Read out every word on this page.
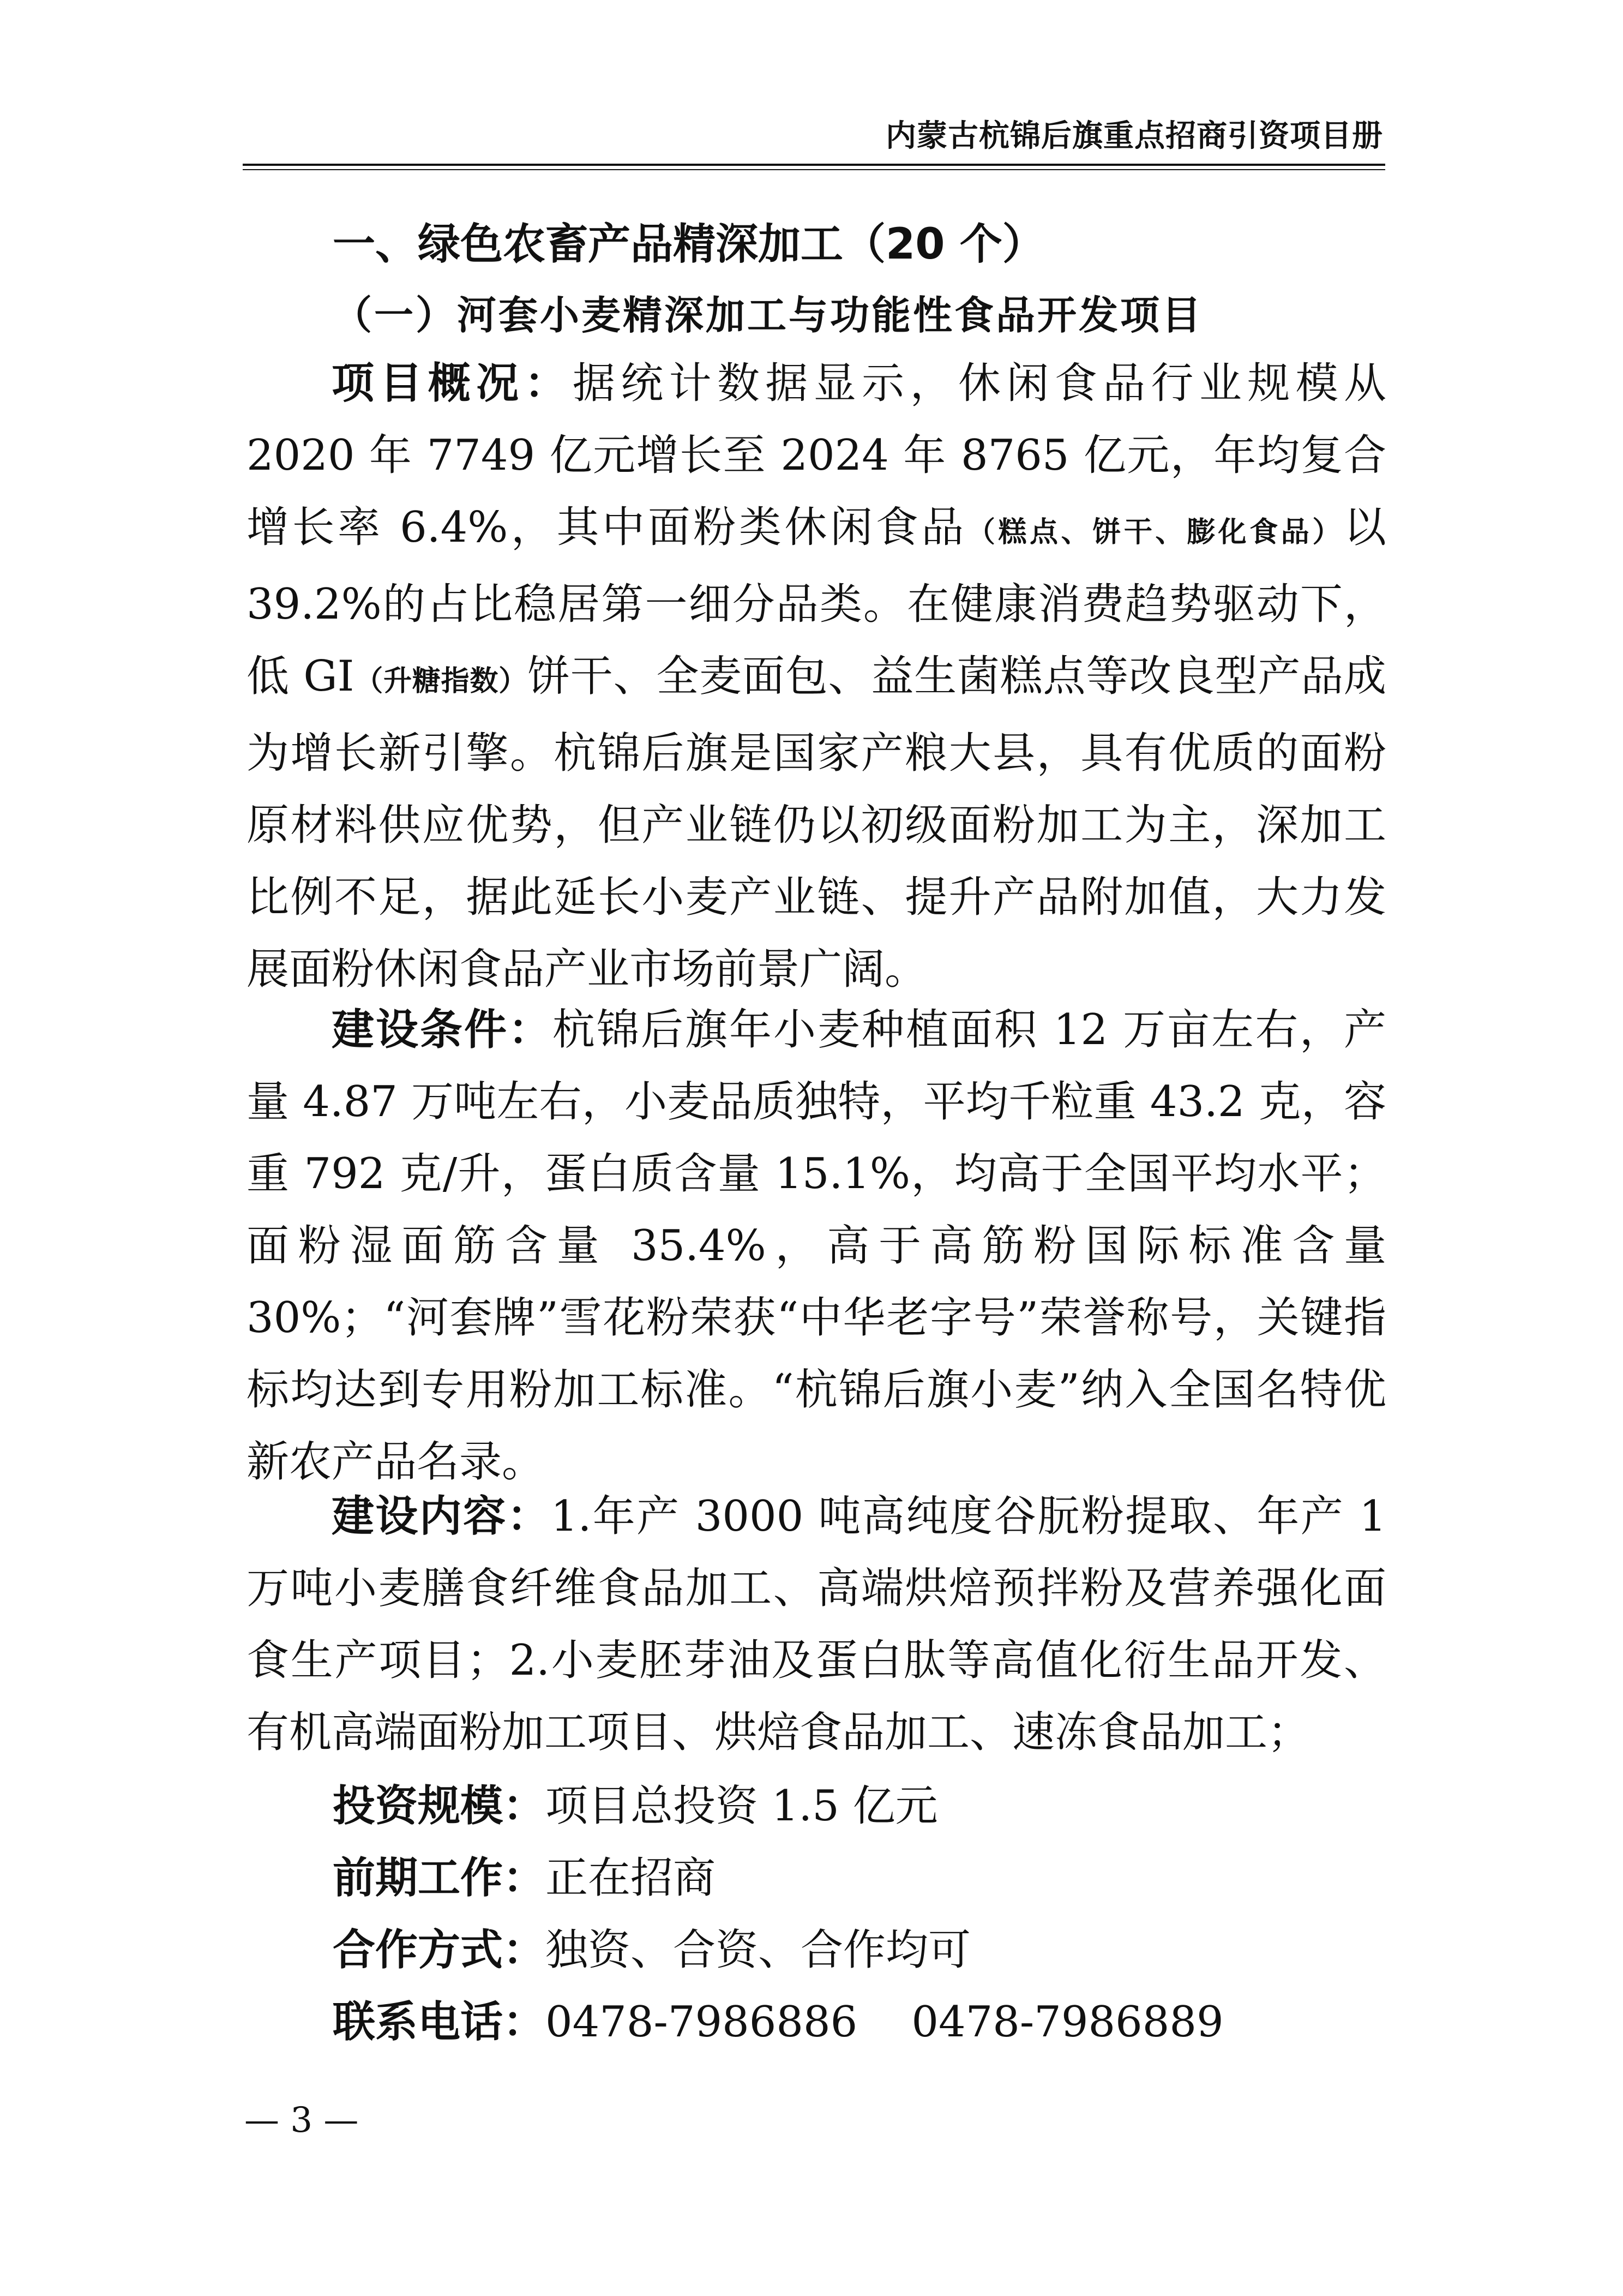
内蒙古杭锦后旗重点招商引资项目册
一、绿色农畜产品精深加工（20 个）
（一）河套小麦精深加工与功能性食品开发项目

项目概况：据统计数据显示，休闲食品行业规模从 2020 年 7749 亿元增长至 2024 年 8765 亿元，年均复合增长率 6.4%，其中面粉类休闲食品（糕点、饼干、膨化食品）以 39.2%的占比稳居第一细分品类。在健康消费趋势驱动下，低 GI（升糖指数）饼干、全麦面包、益生菌糕点等改良型产品成为增长新引擎。杭锦后旗是国家产粮大县，具有优质的面粉原材料供应优势，但产业链仍以初级面粉加工为主，深加工比例不足，据此延长小麦产业链、提升产品附加值，大力发展面粉休闲食品产业市场前景广阔。

建设条件：杭锦后旗年小麦种植面积 12 万亩左右，产量 4.87 万吨左右，小麦品质独特，平均千粒重 43.2 克，容重 792 克/升，蛋白质含量 15.1%，均高于全国平均水平；面粉湿面筋含量 35.4%，高于高筋粉国际标准含量 30%；“河套牌”雪花粉荣获“中华老字号”荣誉称号，关键指标均达到专用粉加工标准。“杭锦后旗小麦”纳入全国名特优新农产品名录。

建设内容：1.年产 3000 吨高纯度谷朊粉提取、年产 1 万吨小麦膳食纤维食品加工、高端烘焙预拌粉及营养强化面食生产项目；2.小麦胚芽油及蛋白肽等高值化衍生品开发、有机高端面粉加工项目、烘焙食品加工、速冻食品加工；

投资规模：项目总投资 1.5 亿元
前期工作：正在招商
合作方式：独资、合资、合作均可
联系电话：0478-7986886    0478-7986889
— 3 —
